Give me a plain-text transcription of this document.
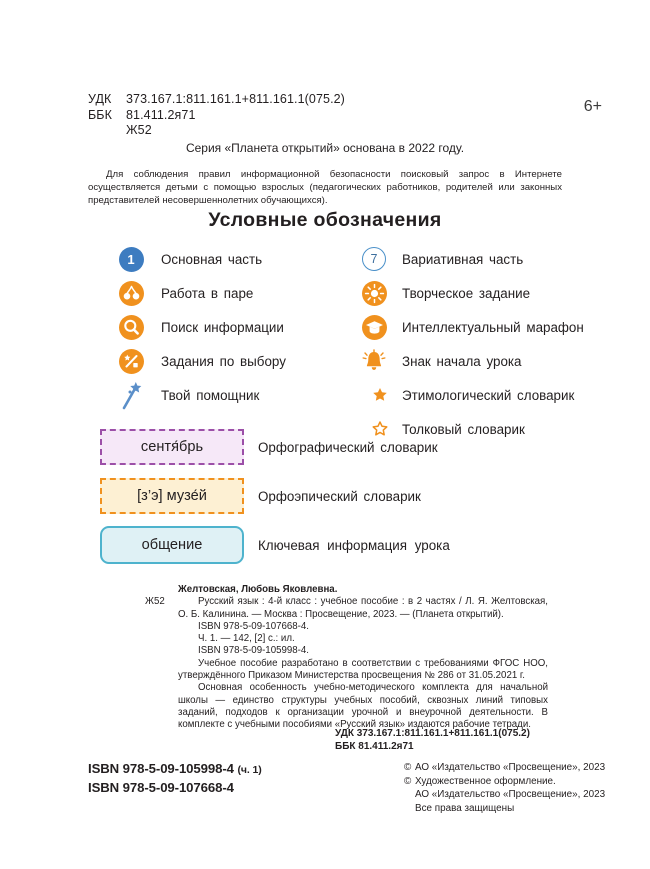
УДК	373.167.1:811.161.1+811.161.1(075.2)
ББК	81.411.2я71
Ж52
6+
Серия «Планета открытий» основана в 2022 году.
Для соблюдения правил информационной безопасности поисковый запрос в Интернете осуществляется детьми с помощью взрослых (педагогических работников, родителей или законных представителей несовершеннолетних обучающихся).
Условные обозначения
1	Основная часть
Работа в паре
Поиск информации
Задания по выбору
Твой помощник
7	Вариативная часть
Творческое задание
Интеллектуальный марафон
Знак начала урока
Этимологический словарик
Толковый словарик
сентя́брь	Орфографический словарик
[з’э] музе́й	Орфоэпический словарик
общение	Ключевая информация урока
Ж52
Желтовская, Любовь Яковлевна.
Русский язык : 4-й класс : учебное пособие : в 2 частях / Л. Я. Желтовская, О. Б. Калинина. — Москва : Просвещение, 2023. — (Планета открытий).
ISBN 978-5-09-107668-4.
Ч. 1. — 142, [2] с.: ил.
ISBN 978-5-09-105998-4.
Учебное пособие разработано в соответствии с требованиями ФГОС НОО, утверждённого Приказом Министерства просвещения № 286 от 31.05.2021 г.
Основная особенность учебно-методического комплекта для начальной школы — единство структуры учебных пособий, сквозных линий типовых заданий, подходов к организации урочной и внеурочной деятельности. В комплекте с учебными пособиями «Русский язык» издаются рабочие тетради.
УДК 373.167.1:811.161.1+811.161.1(075.2)
ББК 81.411.2я71
ISBN 978-5-09-105998-4 (ч. 1)
ISBN 978-5-09-107668-4
© АО «Издательство «Просвещение», 2023
© Художественное оформление.
АО «Издательство «Просвещение», 2023
Все права защищены
